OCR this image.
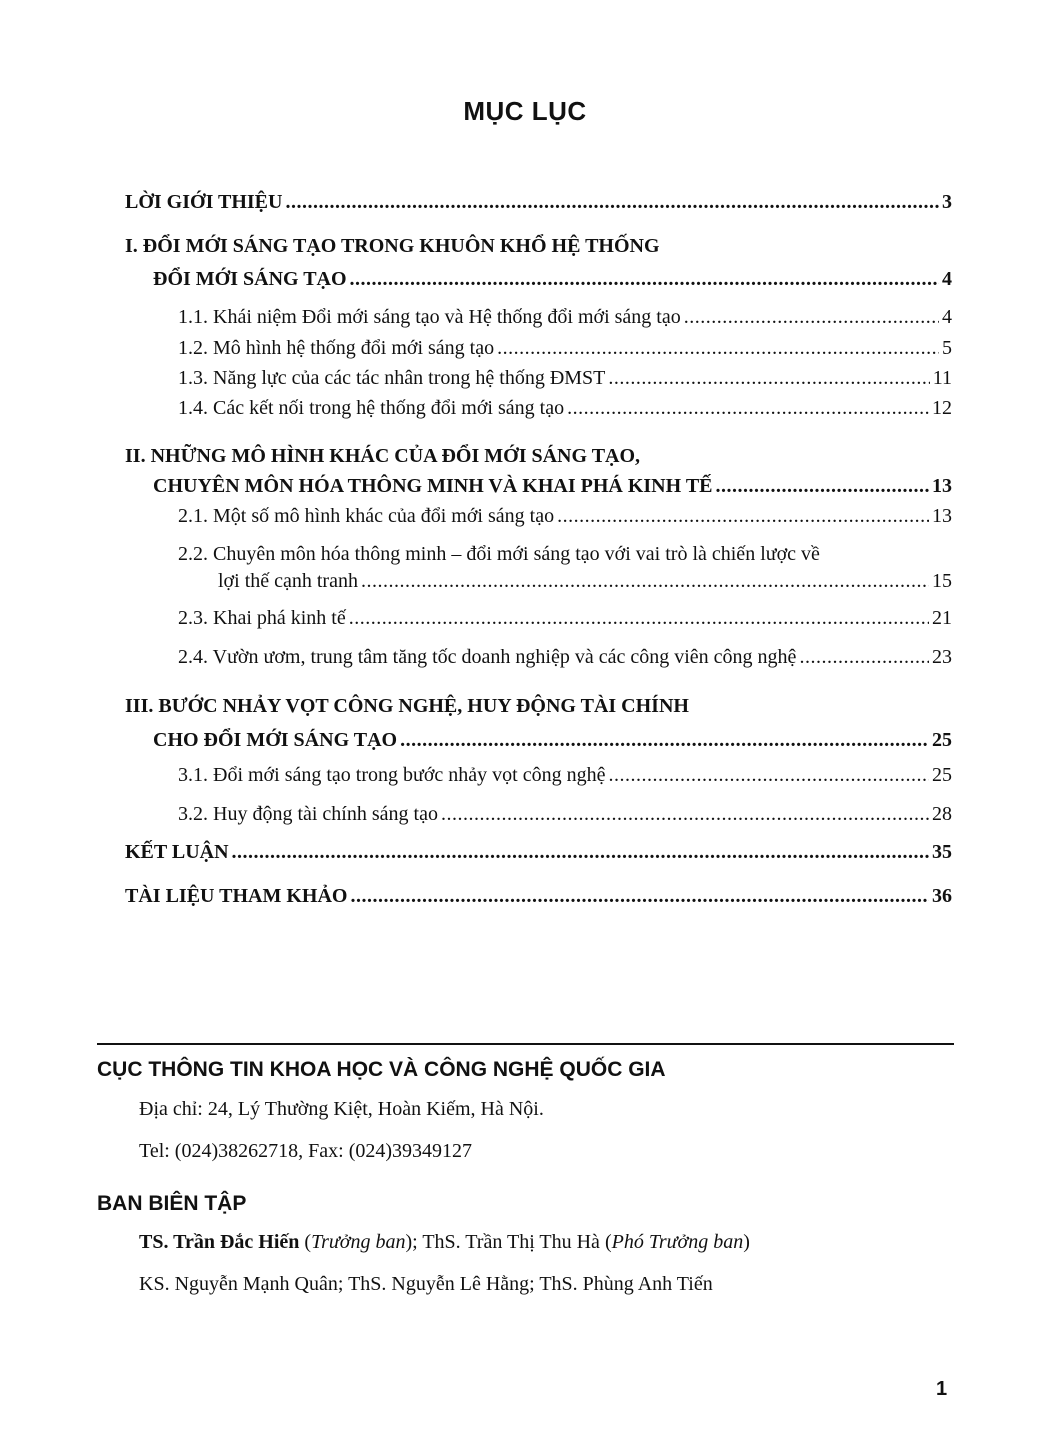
MỤC LỤC
LỜI GIỚI THIỆU .....	3
I. ĐỔI MỚI SÁNG TẠO TRONG KHUÔN KHỔ HỆ THỐNG
ĐỔI MỚI SÁNG TẠO .....	4
1.1. Khái niệm Đổi mới sáng tạo và Hệ thống đổi mới sáng tạo .....	4
1.2. Mô hình hệ thống đổi mới sáng tạo .....	5
1.3. Năng lực của các tác nhân trong hệ thống ĐMST .....	11
1.4. Các kết nối trong hệ thống đổi mới sáng tạo .....	12
II. NHỮNG MÔ HÌNH KHÁC CỦA ĐỔI MỚI SÁNG TẠO,
CHUYÊN MÔN HÓA THÔNG MINH VÀ KHAI PHÁ KINH TẾ .....	13
2.1. Một số mô hình khác của đổi mới sáng tạo .....	13
2.2. Chuyên môn hóa thông minh – đổi mới sáng tạo với vai trò là chiến lược về
lợi thế cạnh tranh .....	15
2.3. Khai phá kinh tế .....	21
2.4. Vườn ươm, trung tâm tăng tốc doanh nghiệp và các công viên công nghệ .....	23
III. BƯỚC NHẢY VỌT CÔNG NGHỆ, HUY ĐỘNG TÀI CHÍNH
CHO ĐỔI MỚI SÁNG TẠO .....	25
3.1. Đổi mới sáng tạo trong bước nhảy vọt công nghệ .....	25
3.2. Huy động tài chính sáng tạo .....	28
KẾT LUẬN .....	35
TÀI LIỆU THAM KHẢO .....	36
CỤC THÔNG TIN KHOA HỌC VÀ CÔNG NGHỆ QUỐC GIA
Địa chỉ: 24, Lý Thường Kiệt, Hoàn Kiếm, Hà Nội.
Tel: (024)38262718, Fax: (024)39349127
BAN BIÊN TẬP
TS. Trần Đắc Hiến (Trưởng ban); ThS. Trần Thị Thu Hà (Phó Trưởng ban)
KS. Nguyễn Mạnh Quân; ThS. Nguyễn Lê Hằng; ThS. Phùng Anh Tiến
1
